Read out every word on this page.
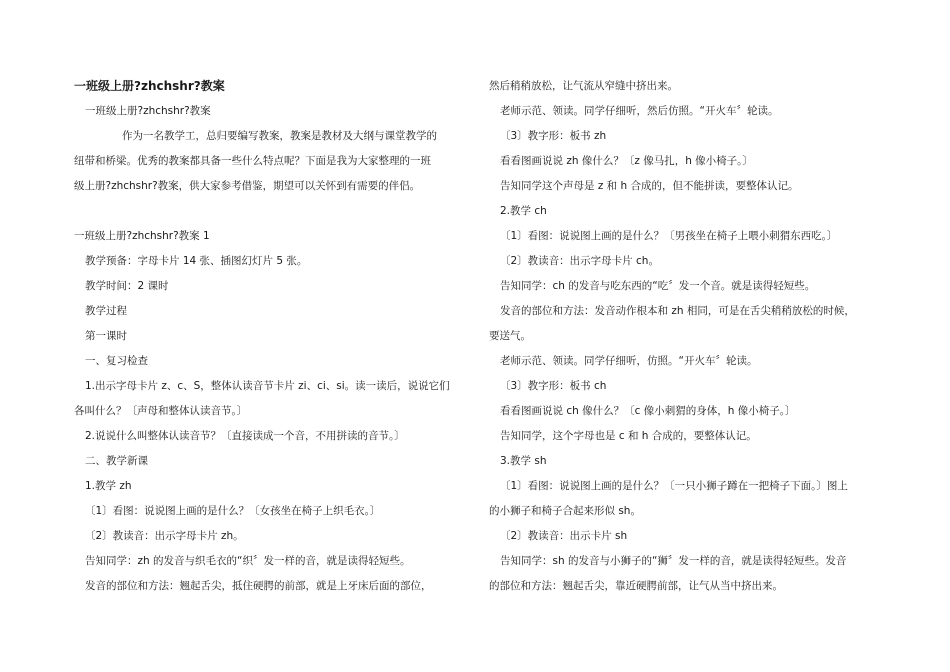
一班级上册?zhchshr?教案

一班级上册?zhchshr?教案

作为一名教学工，总归要编写教案，教案是教材及大纲与课堂教学的

纽带和桥梁。优秀的教案都具备一些什么特点呢？下面是我为大家整理的一班

级上册?zhchshr?教案，供大家参考借鉴，期望可以关怀到有需要的伴侣。

一班级上册?zhchshr?教案 1

教学预备：字母卡片 14 张、插图幻灯片 5 张。

教学时间：2 课时

教学过程

第一课时

一、复习检查

1.出示字母卡片 z、c、S，整体认读音节卡片 zi、ci、si。读一读后，说说它们

各叫什么？〔声母和整体认读音节。〕

2.说说什么叫整体认读音节？〔直接读成一个音，不用拼读的音节。〕

二、教学新课

1.教学 zh

〔1〕看图：说说图上画的是什么？〔女孩坐在椅子上织毛衣。〕

〔2〕教读音：出示字母卡片 zh。

告知同学：zh 的发音与织毛衣的“织〞发一样的音，就是读得轻短些。

发音的部位和方法：翘起舌尖，抵住硬腭的前部，就是上牙床后面的部位，

然后稍稍放松，让气流从窄缝中挤出来。

老师示范、领读。同学仔细听，然后仿照。“开火车〞轮读。

〔3〕教字形：板书 zh

看看图画说说 zh 像什么？〔z 像马扎，h 像小椅子。〕

告知同学这个声母是 z 和 h 合成的，但不能拼读，要整体认记。

2.教学 ch

〔1〕看图：说说图上画的是什么？〔男孩坐在椅子上喂小刺猬东西吃。〕

〔2〕教读音：出示字母卡片 ch。

告知同学：ch 的发音与吃东西的“吃〞发一个音。就是读得轻短些。

发音的部位和方法：发音动作根本和 zh 相同，可是在舌尖稍稍放松的时候，

要送气。

老师示范、领读。同学仔细听，仿照。“开火车〞轮读。

〔3〕教字形：板书 ch

看看图画说说 ch 像什么？〔c 像小刺猬的身体，h 像小椅子。〕

告知同学，这个字母也是 c 和 h 合成的，要整体认记。

3.教学 sh

〔1〕看图：说说图上画的是什么？〔一只小狮子蹲在一把椅子下面。〕图上

的小狮子和椅子合起来形似 sh。

〔2〕教读音：出示卡片 sh

告知同学：sh 的发音与小狮子的“狮〞发一样的音，就是读得轻短些。发音

的部位和方法：翘起舌尖，靠近硬腭前部，让气从当中挤出来。
